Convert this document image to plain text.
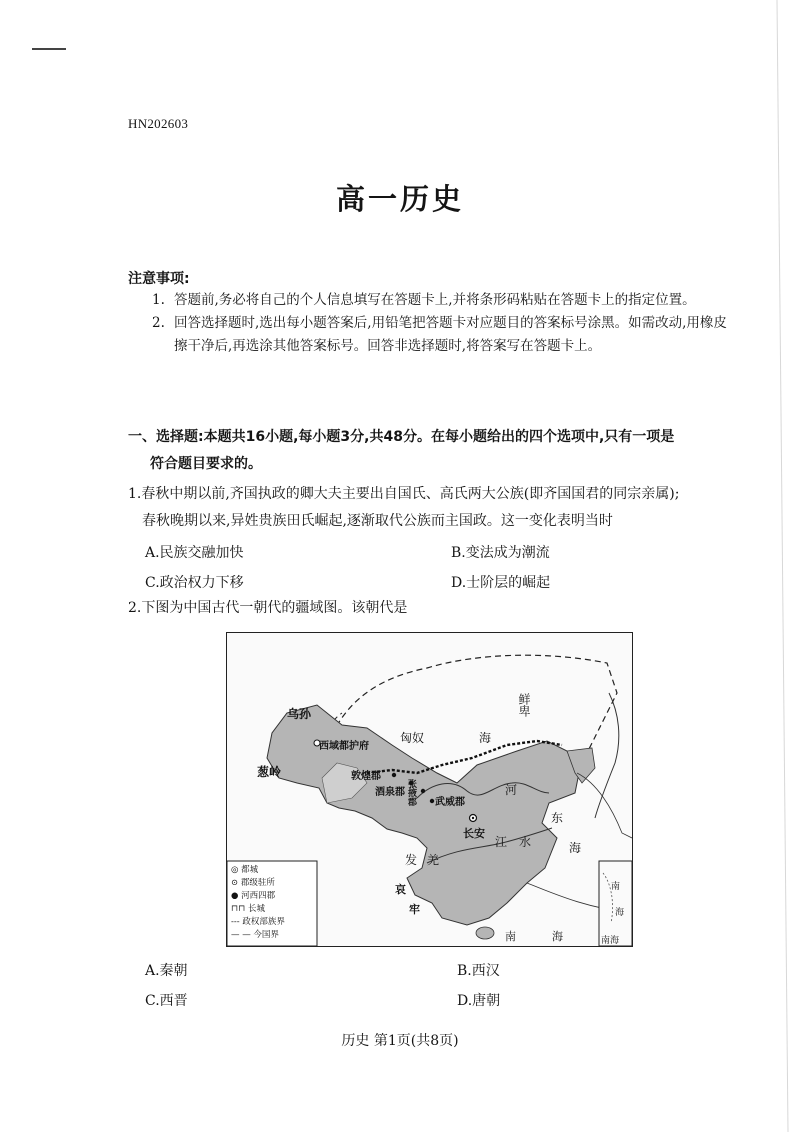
HN202603
高一历史
注意事项:
1. 答题前,务必将自己的个人信息填写在答题卡上,并将条形码粘贴在答题卡上的指定位置。
2. 回答选择题时,选出每小题答案后,用铅笔把答题卡对应题目的答案标号涂黑。如需改动,用橡皮擦干净后,再选涂其他答案标号。回答非选择题时,将答案写在答题卡上。
一、选择题:本题共16小题,每小题3分,共48分。在每小题给出的四个选项中,只有一项是
符合题目要求的。
1.春秋中期以前,齐国执政的卿大夫主要出自国氏、高氏两大公族(即齐国国君的同宗亲属);
春秋晚期以来,异姓贵族田氏崛起,逐渐取代公族而主国政。这一变化表明当时
A.民族交融加快	B.变法成为潮流
C.政治权力下移	D.士阶层的崛起
2.下图为中国古代一朝代的疆域图。该朝代是
乌孙
西域都护府
葱岭	敦煌郡
酒泉郡 张掖郡 武威郡
长安
匈奴	海
鲜卑
发 羌
江 水
河
东
海
南	海
哀
牢
南
海
南海
◎ 都城
⊙ 郡级驻所
● 河西四郡
⊓⊓ 长城
--- 政权部族界
— — 今国界
A.秦朝	B.西汉
C.西晋	D.唐朝
历史 第1页(共8页)
